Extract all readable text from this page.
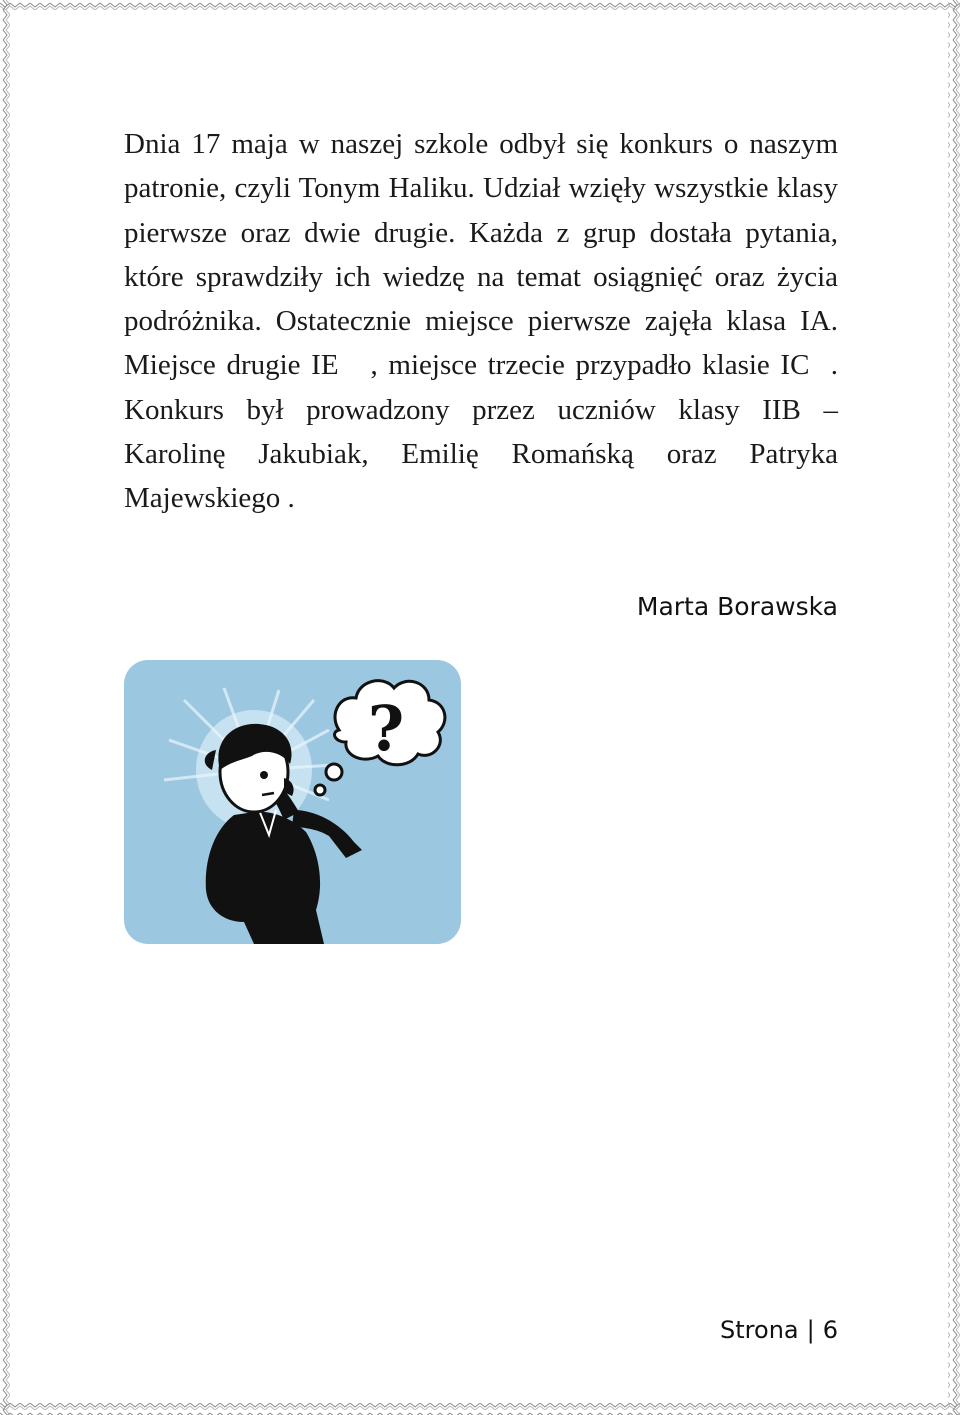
Dnia 17 maja w naszej szkole odbył się konkurs o naszym patronie, czyli Tonym Haliku. Udział wzięły wszystkie klasy pierwsze oraz dwie drugie. Każda z grup dostała pytania, które sprawdziły ich wiedzę na temat osiągnięć oraz życia podróżnika. Ostatecznie miejsce pierwsze zajęła klasa IA. Miejsce drugie IE   , miejsce trzecie przypadło klasie IC  . Konkurs był prowadzony przez uczniów klasy IIB – Karolinę Jakubiak, Emilię Romańską oraz Patryka Majewskiego .

Marta Borawska

?
Strona | 6
